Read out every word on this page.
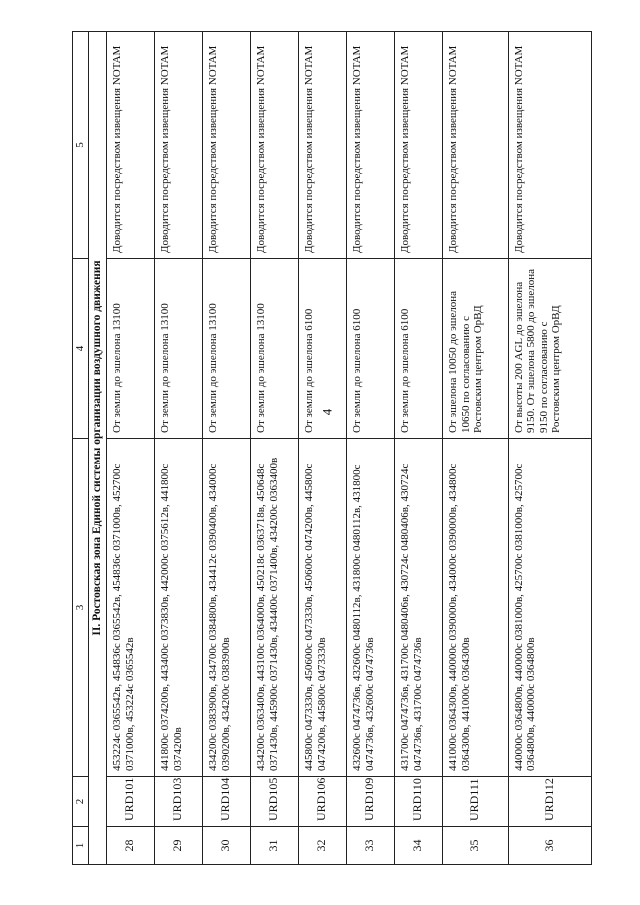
4
1	2	3	4	5
II. Ростовская зона Единой системы организации воздушного движения				
28	URD101	453224с 0365542в, 454836с 0365542в, 4548З6с 0371000в, 452700с 0371000в, 453224с 0365542в	От земли до эшелона 13100	Доводится посредством извещения NOTAM
29	URD103	441800с 0374200в, 443400с 0373830в, 442000с 0375612в, 441800с 0374200в	От земли до эшелона 13100	Доводится посредством извещения NOTAM
30	URD104	434200с 0383900в, 434700с 0384800в, 434412с 0390400в, 434000с 0390200в, 434200с 0383900в	От земли до эшелона 13100	Доводится посредством извещения NOTAM
31	URD105	434200с 0363400в, 443100с 0364000в, 450218с 0363718в, 450648с 0371430в, 445900с 0371430в, 434400с 0371400в, 434200с 0363400в	От земли до эшелона 13100	Доводится посредством извещения NOTAM
32	URD106	445800с 0473330в, 450600с 0473330в, 450600с 0474200в, 445800с 0474200в, 445800с 0473330в	От земли до эшелона 6100	Доводится посредством извещения NOTAM
33	URD109	432600с 0474736в, 432600с 0480112в, 431800с 0480112в, 431800с 0474736в, 432600с 0474736в	От земли до эшелона 6100	Доводится посредством извещения NOTAM
34	URD110	431700с 0474736в, 431700с 0480406в, 430724с 0480406в, 430724с 0474736в, 431700с 0474736в	От земли до эшелона 6100	Доводится посредством извещения NOTAM
35	URD111	441000с 0364300в, 440000с 0390000в, 434000с 0390000в, 434800с 0364300в, 441000с 0364300в	От эшелона 10050 до эшелона 10650 по согласованию с Ростовским центром ОрВД	Доводится посредством извещения NOTAM
36	URD112	440000с 0364800в, 440000с 0381000в, 425700с 0381000в, 425700с 0364800в, 440000с 0364800в	От высоты 200 AGL до эшелона 9150. От эшелона 5800 до эшелона 9150 по согласованию с Ростовским центром ОрВД	Доводится посредством извещения NOTAM
